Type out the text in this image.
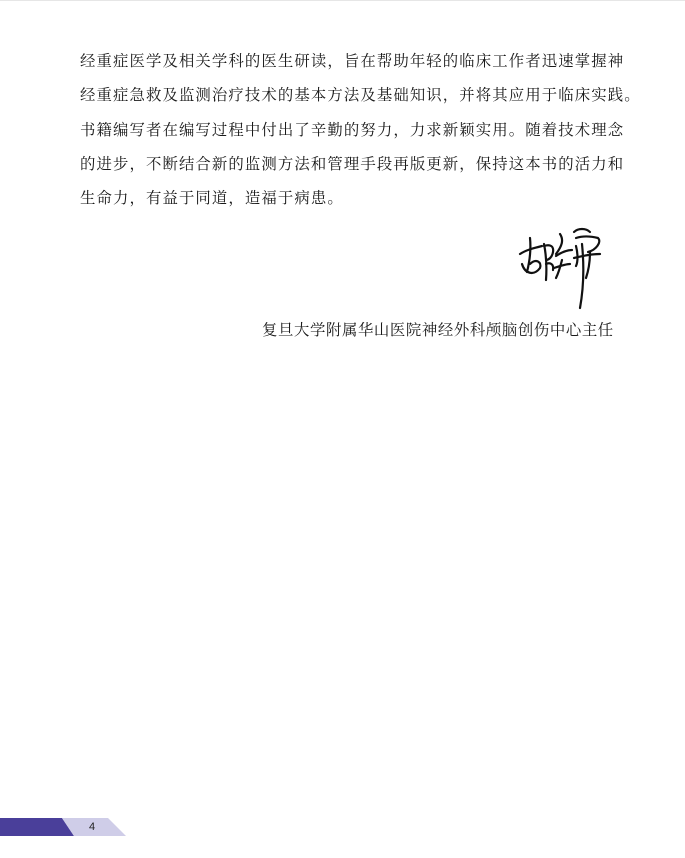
经重症医学及相关学科的医生研读，旨在帮助年轻的临床工作者迅速掌握神
经重症急救及监测治疗技术的基本方法及基础知识，并将其应用于临床实践。
书籍编写者在编写过程中付出了辛勤的努力，力求新颖实用。随着技术理念
的进步，不断结合新的监测方法和管理手段再版更新，保持这本书的活力和
生命力，有益于同道，造福于病患。
复旦大学附属华山医院神经外科颅脑创伤中心主任
4
